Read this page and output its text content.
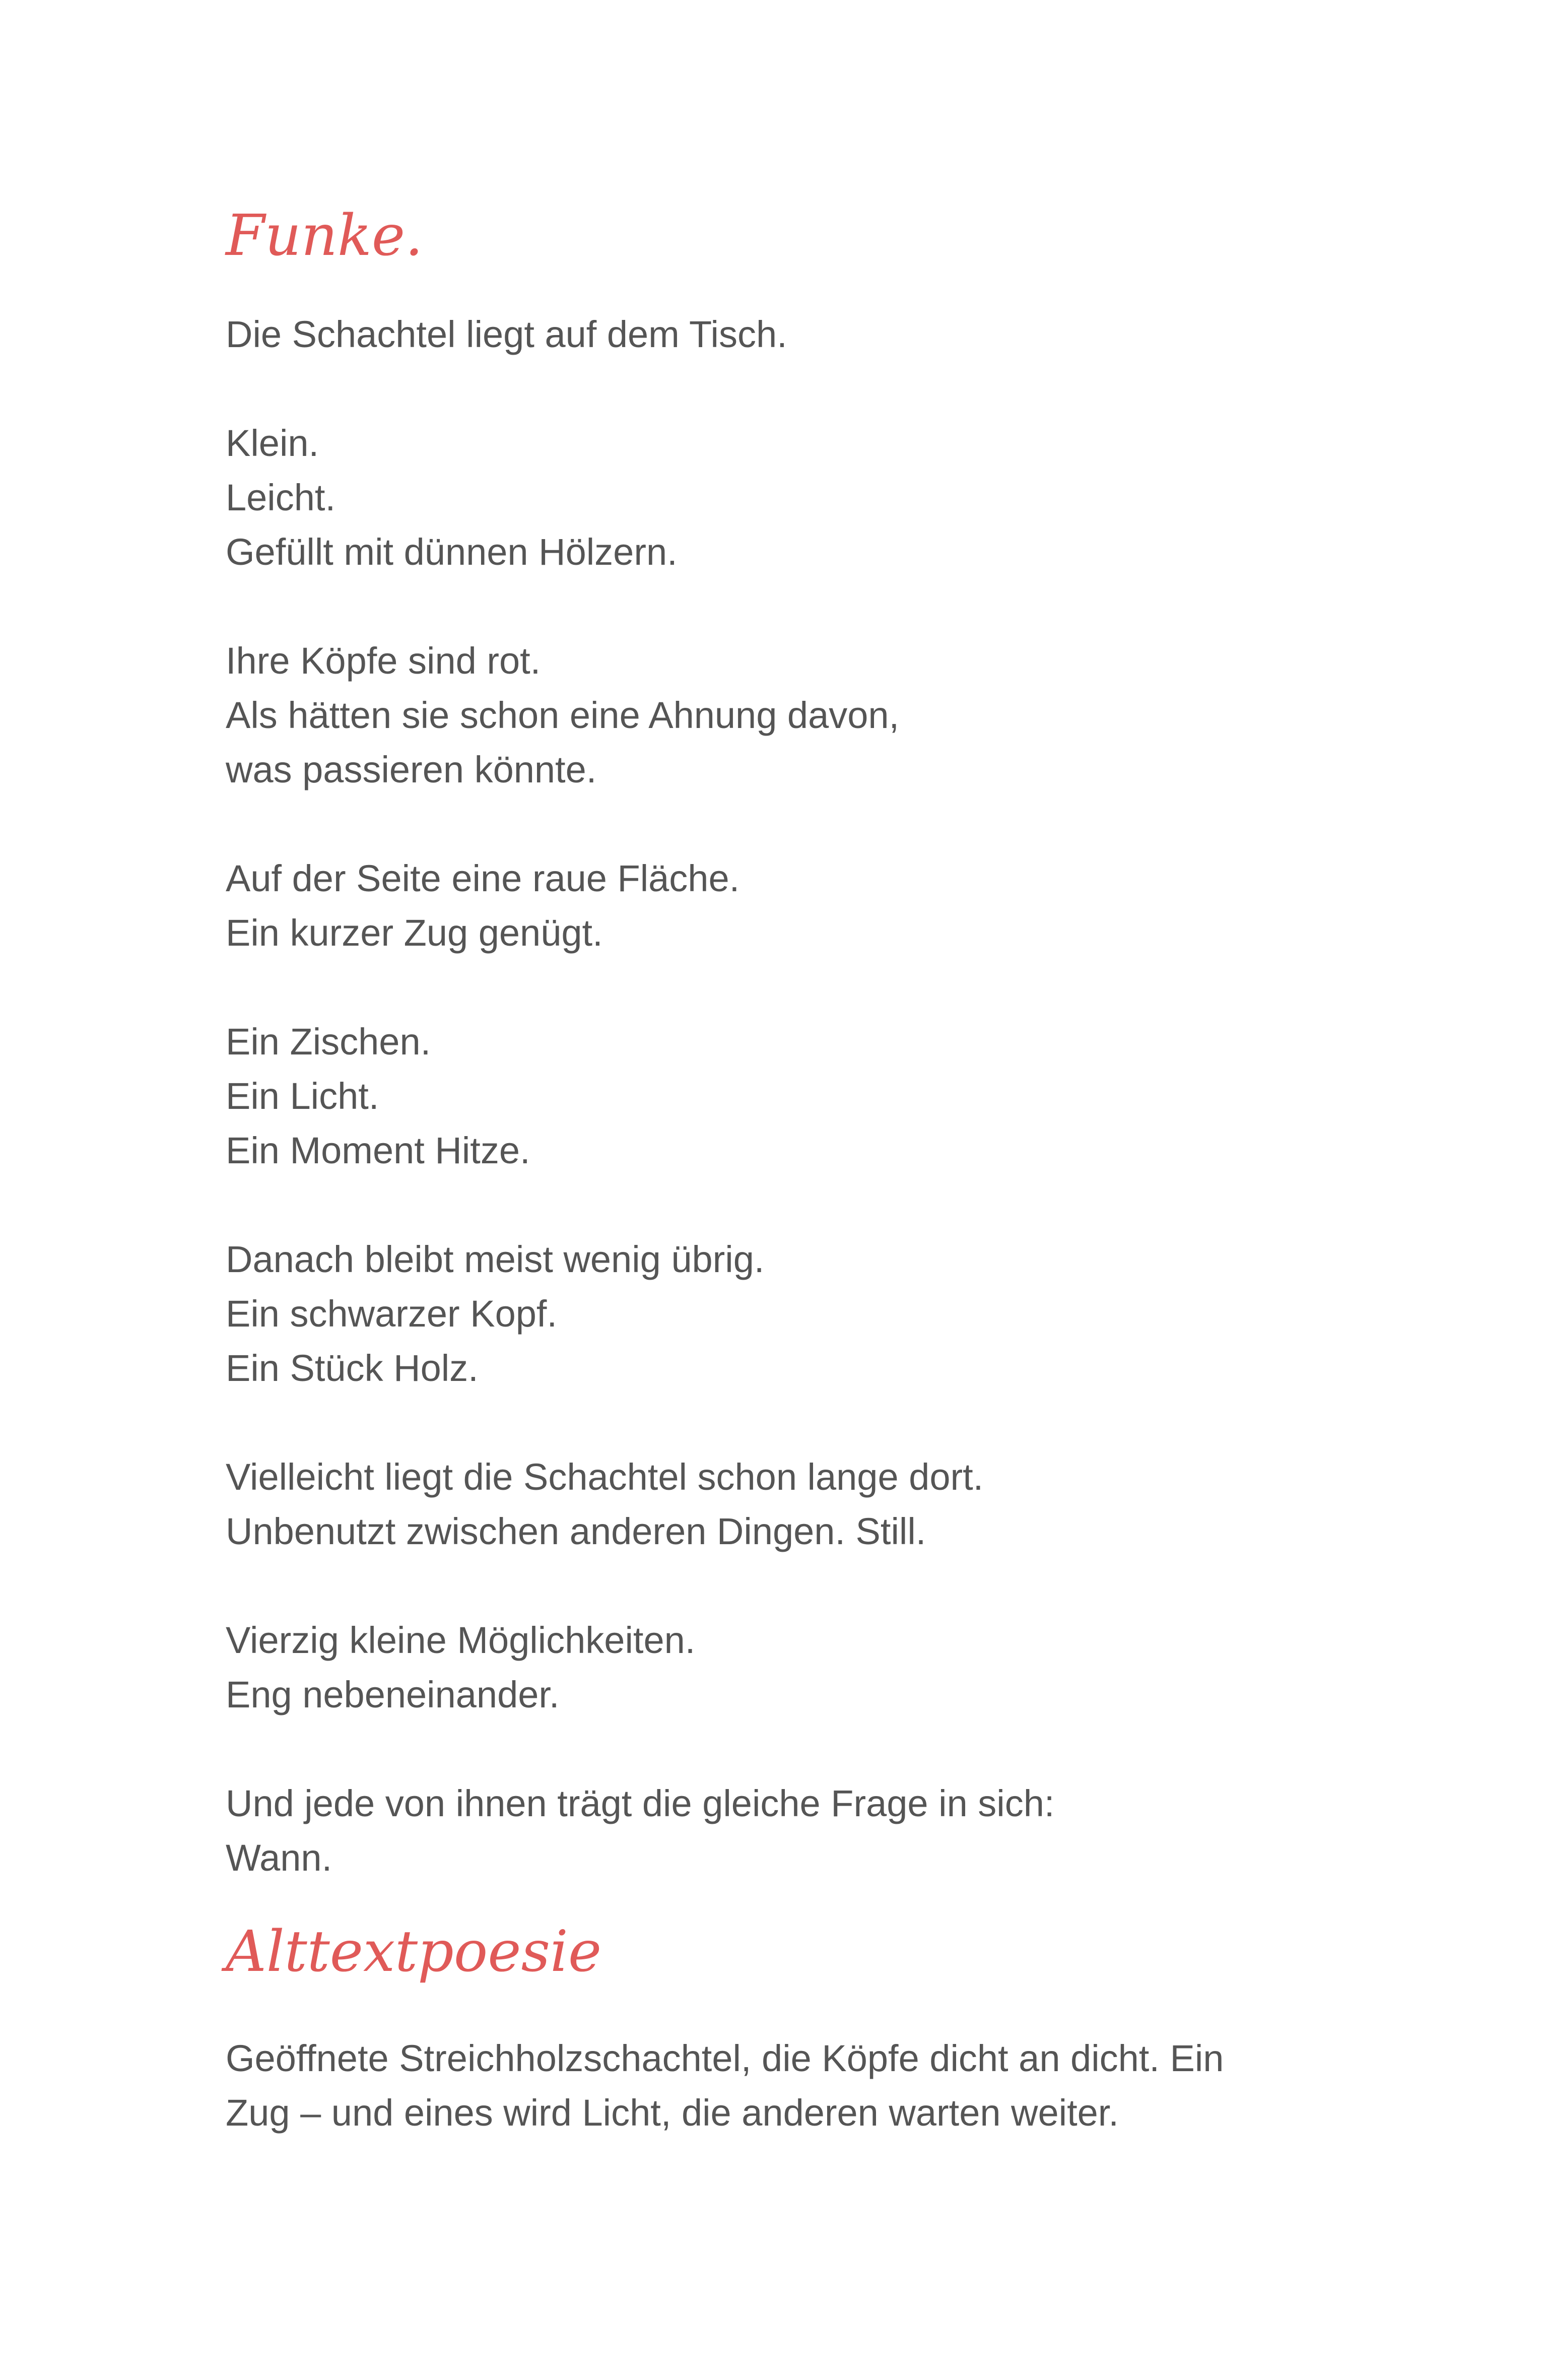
Funke.

Die Schachtel liegt auf dem Tisch.

Klein.
Leicht.
Gefüllt mit dünnen Hölzern.

Ihre Köpfe sind rot.
Als hätten sie schon eine Ahnung davon,
was passieren könnte.

Auf der Seite eine raue Fläche.
Ein kurzer Zug genügt.

Ein Zischen.
Ein Licht.
Ein Moment Hitze.

Danach bleibt meist wenig übrig.
Ein schwarzer Kopf.
Ein Stück Holz.

Vielleicht liegt die Schachtel schon lange dort.
Unbenutzt zwischen anderen Dingen. Still.

Vierzig kleine Möglichkeiten.
Eng nebeneinander.

Und jede von ihnen trägt die gleiche Frage in sich:
Wann.

Alttextpoesie

Geöffnete Streichholzschachtel, die Köpfe dicht an dicht. Ein
Zug – und eines wird Licht, die anderen warten weiter.
